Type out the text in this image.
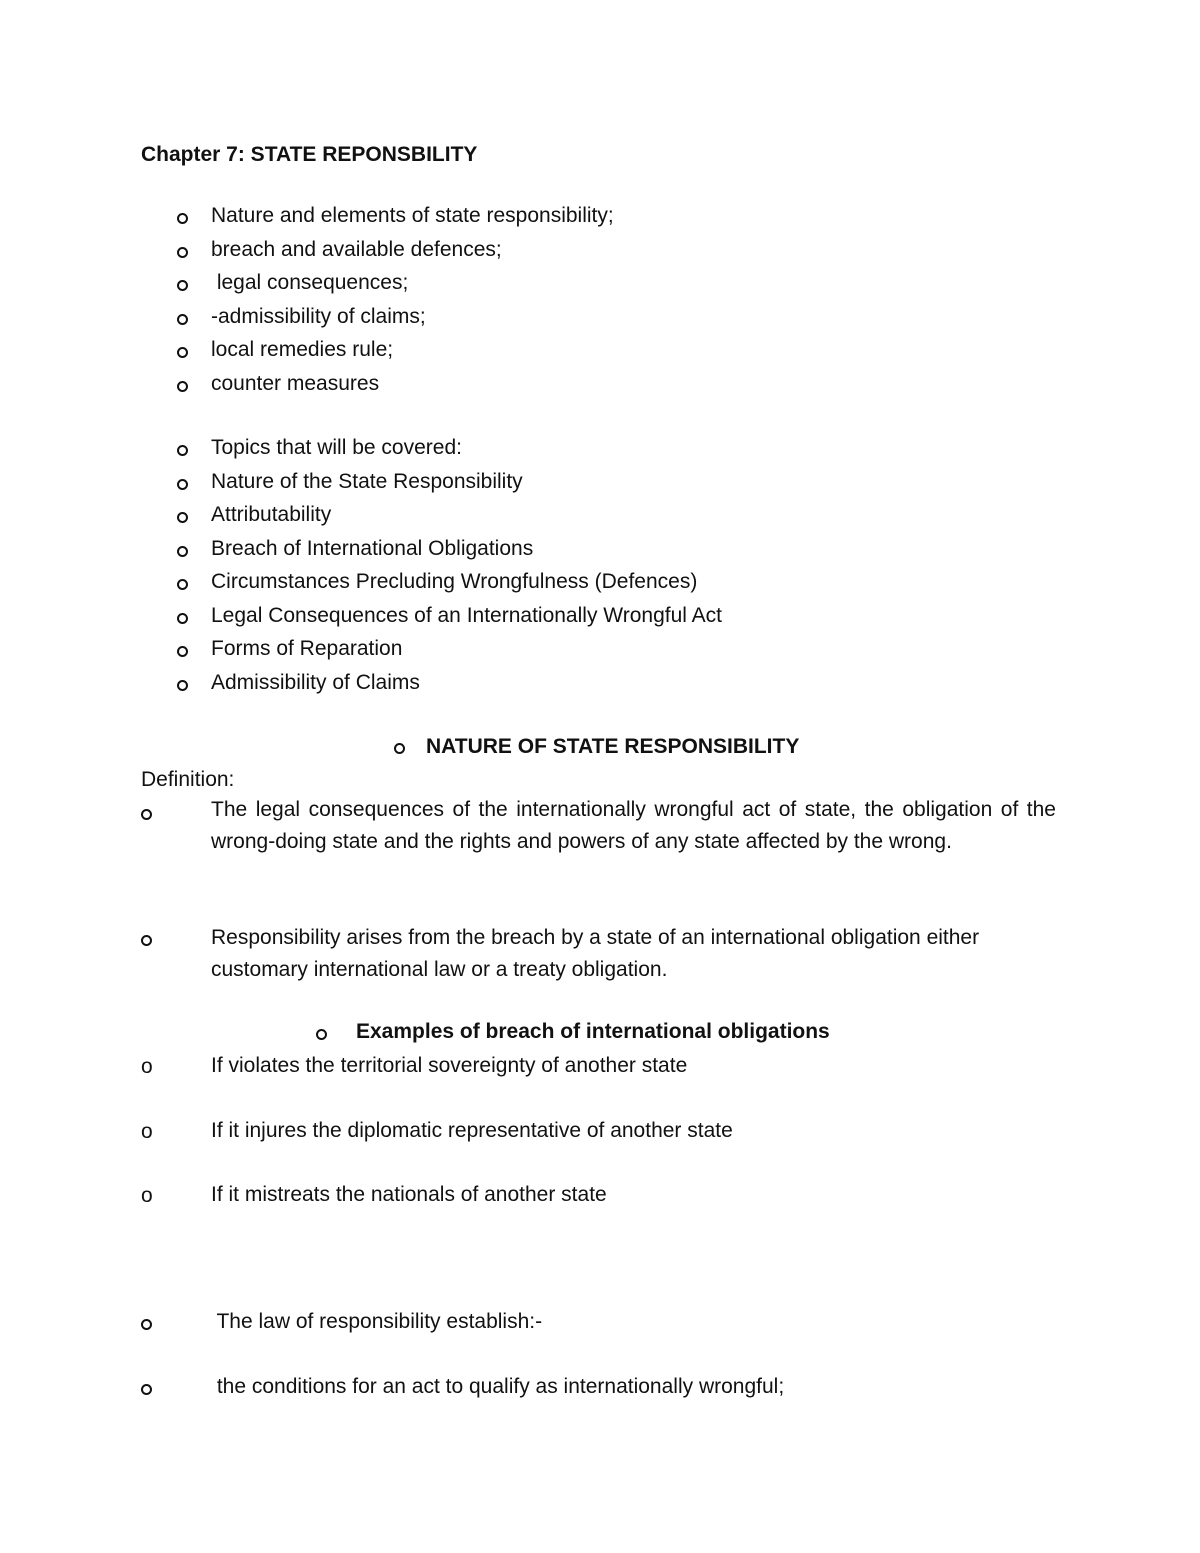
Chapter 7: STATE REPONSBILITY
Nature and elements of state responsibility;
breach and available defences;
legal consequences;
-admissibility of claims;
local remedies rule;
counter measures
Topics that will be covered:
Nature of the State Responsibility
Attributability
Breach of International Obligations
Circumstances Precluding Wrongfulness (Defences)
Legal Consequences of an Internationally Wrongful Act
Forms of Reparation
Admissibility of Claims
NATURE OF STATE RESPONSIBILITY
Definition:
The legal consequences of the internationally wrongful act of state, the obligation of the wrong-doing state and the rights and powers of any state affected by the wrong.
Responsibility arises from the breach by a state of an international obligation either customary international law or a treaty obligation.
Examples of breach of international obligations
o	If violates the territorial sovereignty of another state
o	If it injures the diplomatic representative of another state
o	If it mistreats the nationals of another state
The law of responsibility establish:-
the conditions for an act to qualify as internationally wrongful;
